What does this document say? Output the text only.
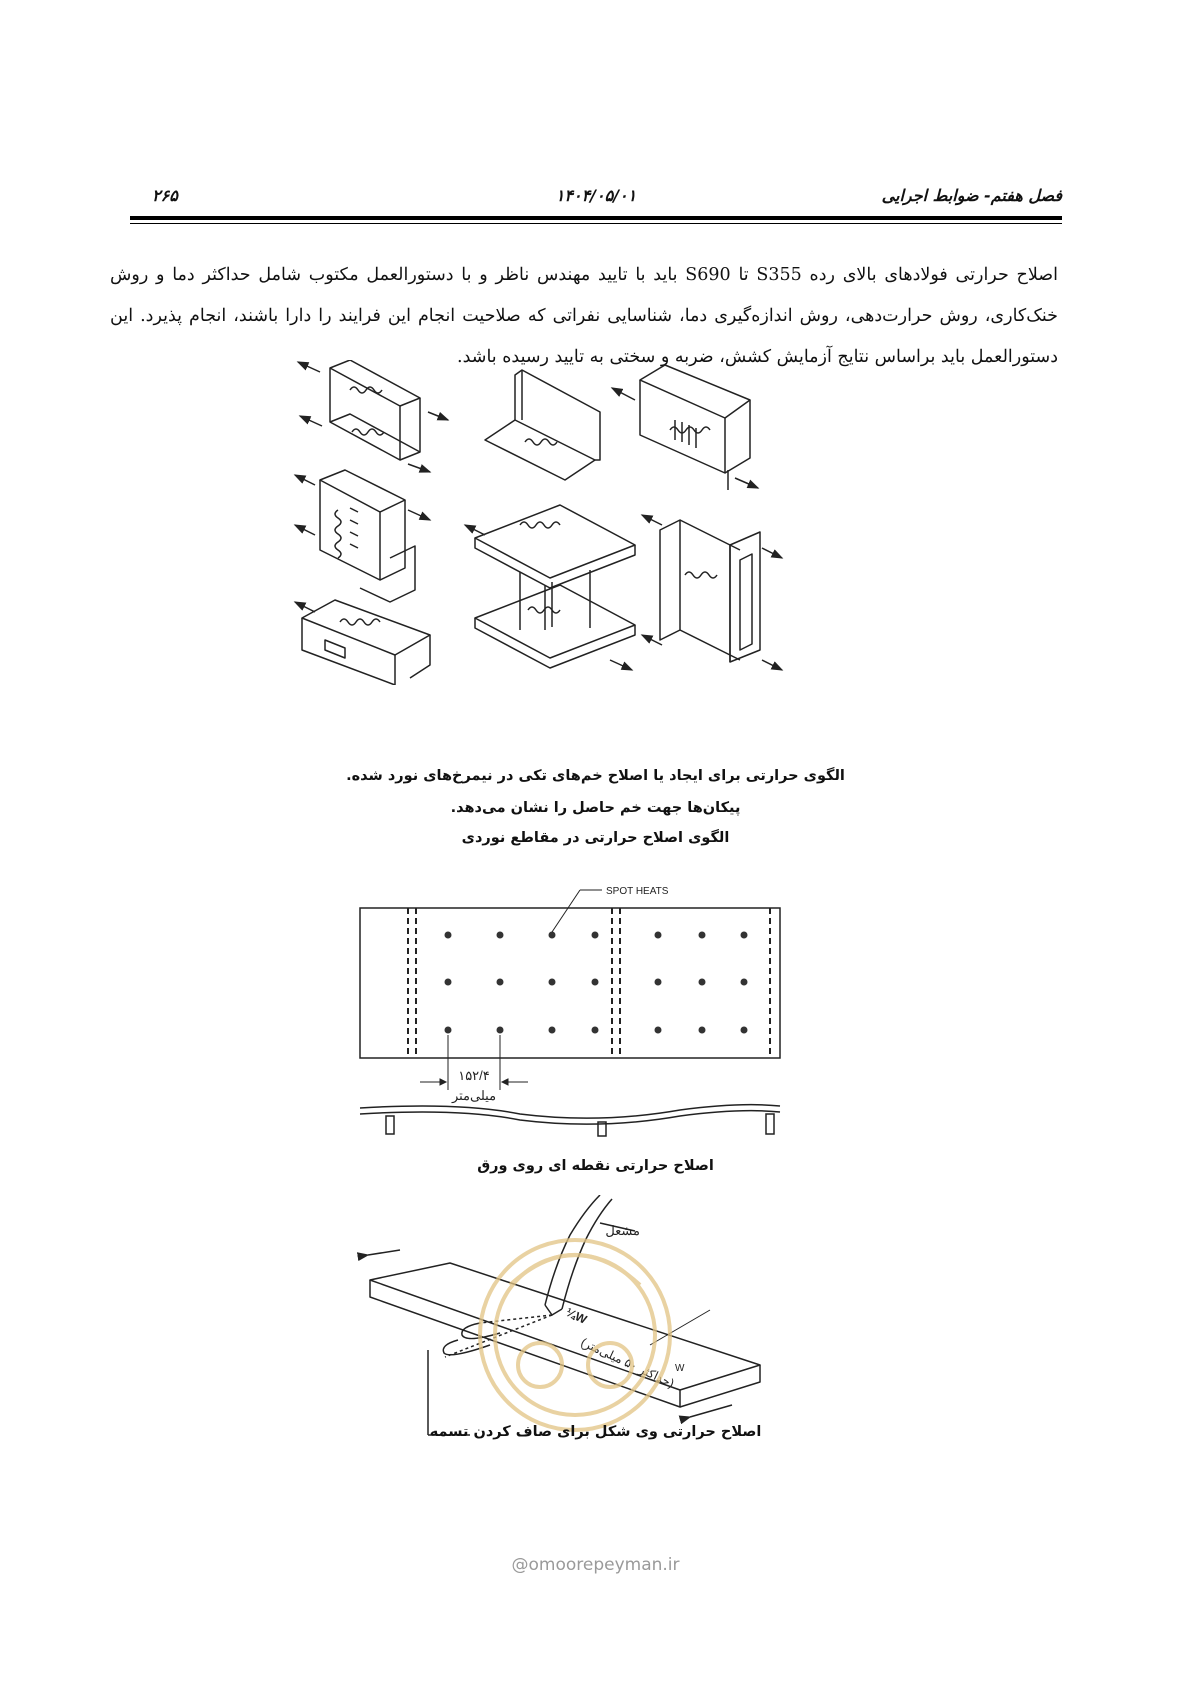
فصل هفتم- ضوابط اجرایی
۱۴۰۴/۰۵/۰۱
۲۶۵

اصلاح حرارتی فولادهای بالای رده S355 تا S690 باید با تایید مهندس ناظر و با دستورالعمل مکتوب شامل حداکثر دما و روش خنک‌کاری، روش حرارت‌دهی، روش اندازه‌گیری دما، شناسایی نفراتی که صلاحیت انجام این فرایند را دارا باشند، انجام پذیرد. این دستورالعمل باید براساس نتایج آزمایش کشش، ضربه و سختی به تایید رسیده باشد.

الگوی حرارتی برای ایجاد یا اصلاح خم‌های تکی در نیمرخ‌های نورد شده.
پیکان‌ها جهت خم حاصل را نشان می‌دهد.
الگوی اصلاح حرارتی در مقاطع نوردی
SPOT HEATS
۱۵۲/۴
میلی‌متر
اصلاح حرارتی نقطه ای روی ورق
مشعل
¼W
(حداکثر ۵۰ میلی‌متر)
W
اصلاح حرارتی وی شکل برای صاف کردن تسمه
@omoorepeyman.ir
